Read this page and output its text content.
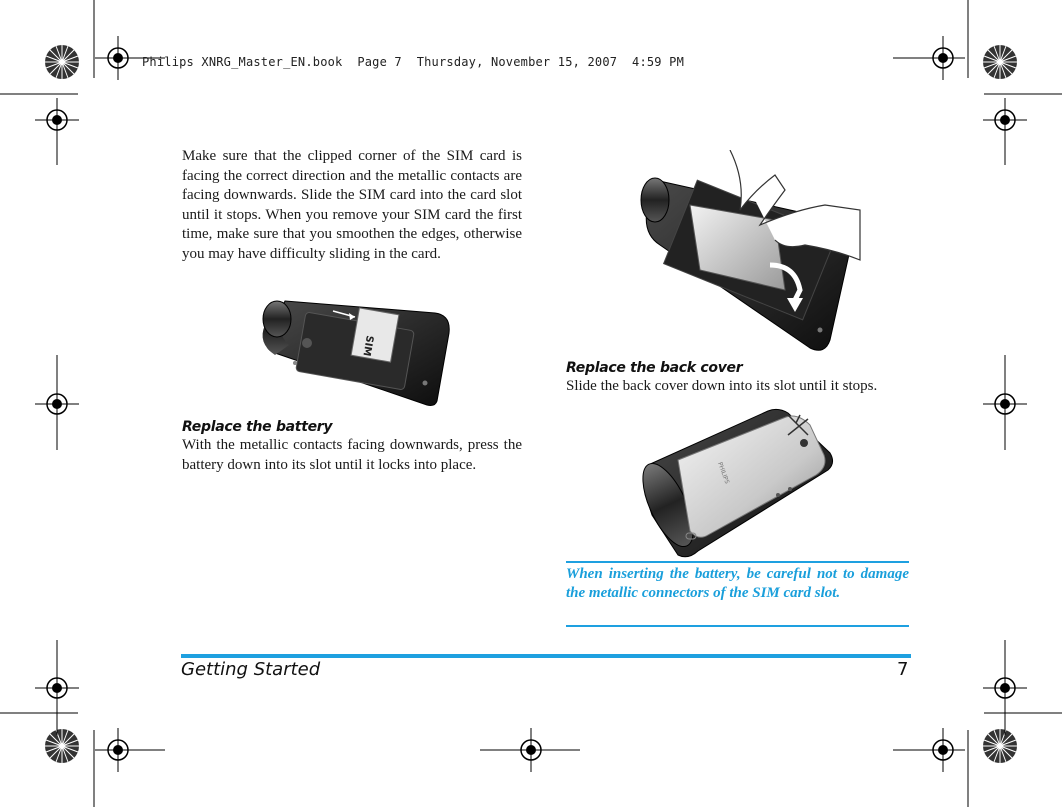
Philips XNRG_Master_EN.book  Page 7  Thursday, November 15, 2007  4:59 PM
Make sure that the clipped corner of the SIM card is facing the correct direction and the metallic contacts are facing downwards. Slide the SIM card into the card slot until it stops. When you remove your SIM card the first time, make sure that you smoothen the edges, otherwise you may have difficulty sliding in the card.
SIM
Replace the battery
With the metallic contacts facing downwards, press the battery down into its slot until it locks into place.
Replace the back cover
Slide the back cover down into its slot until it stops.
PHILIPS
When inserting the battery, be careful not to damage the metallic connectors of the SIM card slot.
Getting Started	7
